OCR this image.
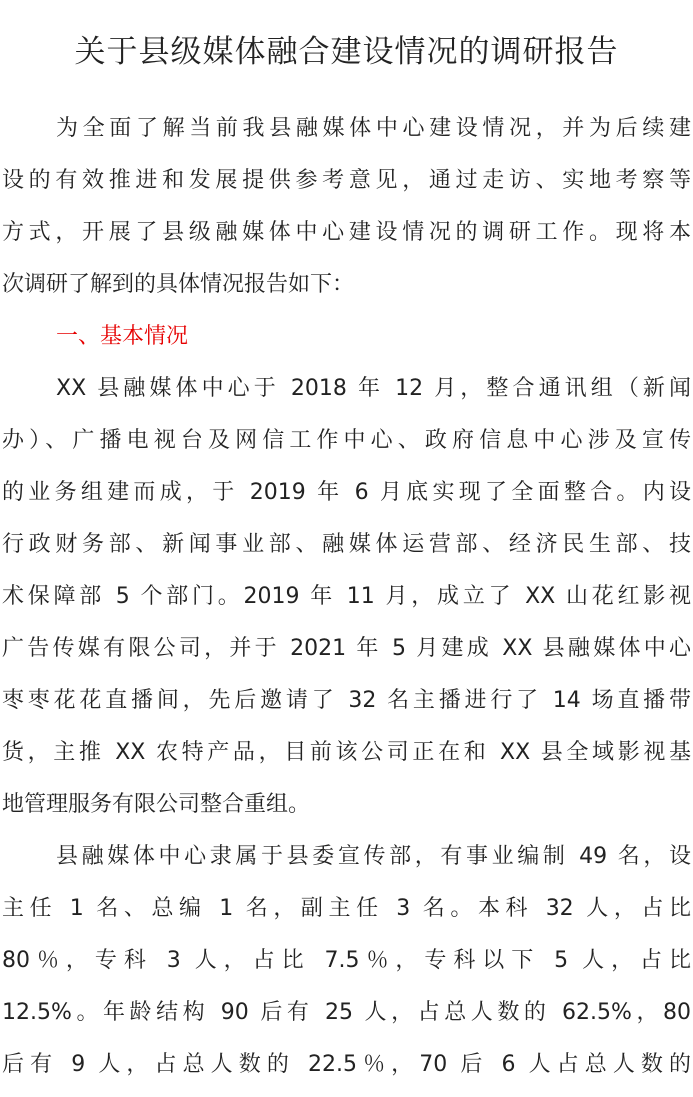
关于县级媒体融合建设情况的调研报告
为全面了解当前我县融媒体中心建设情况，并为后续建
设的有效推进和发展提供参考意见，通过走访、实地考察等
方式，开展了县级融媒体中心建设情况的调研工作。现将本
次调研了解到的具体情况报告如下：
一、基本情况
XX 县融媒体中心于 2018 年 12 月，整合通讯组（新闻
办）、广播电视台及网信工作中心、政府信息中心涉及宣传
的业务组建而成，于 2019 年 6 月底实现了全面整合。内设
行政财务部、新闻事业部、融媒体运营部、经济民生部、技
术保障部 5 个部门。2019 年 11 月，成立了 XX 山花红影视
广告传媒有限公司，并于 2021 年 5 月建成 XX 县融媒体中心
枣枣花花直播间，先后邀请了 32 名主播进行了 14 场直播带
货，主推 XX 农特产品，目前该公司正在和 XX 县全域影视基
地管理服务有限公司整合重组。
县融媒体中心隶属于县委宣传部，有事业编制 49 名，设
主任 1 名、总编 1 名，副主任 3 名。本科 32 人，占比
80％，专科 3 人，占比 7.5％，专科以下 5 人，占比
12.5%。年龄结构 90 后有 25 人，占总人数的 62.5%，80
后有 9 人，占总人数的 22.5％，70 后 6 人占总人数的
